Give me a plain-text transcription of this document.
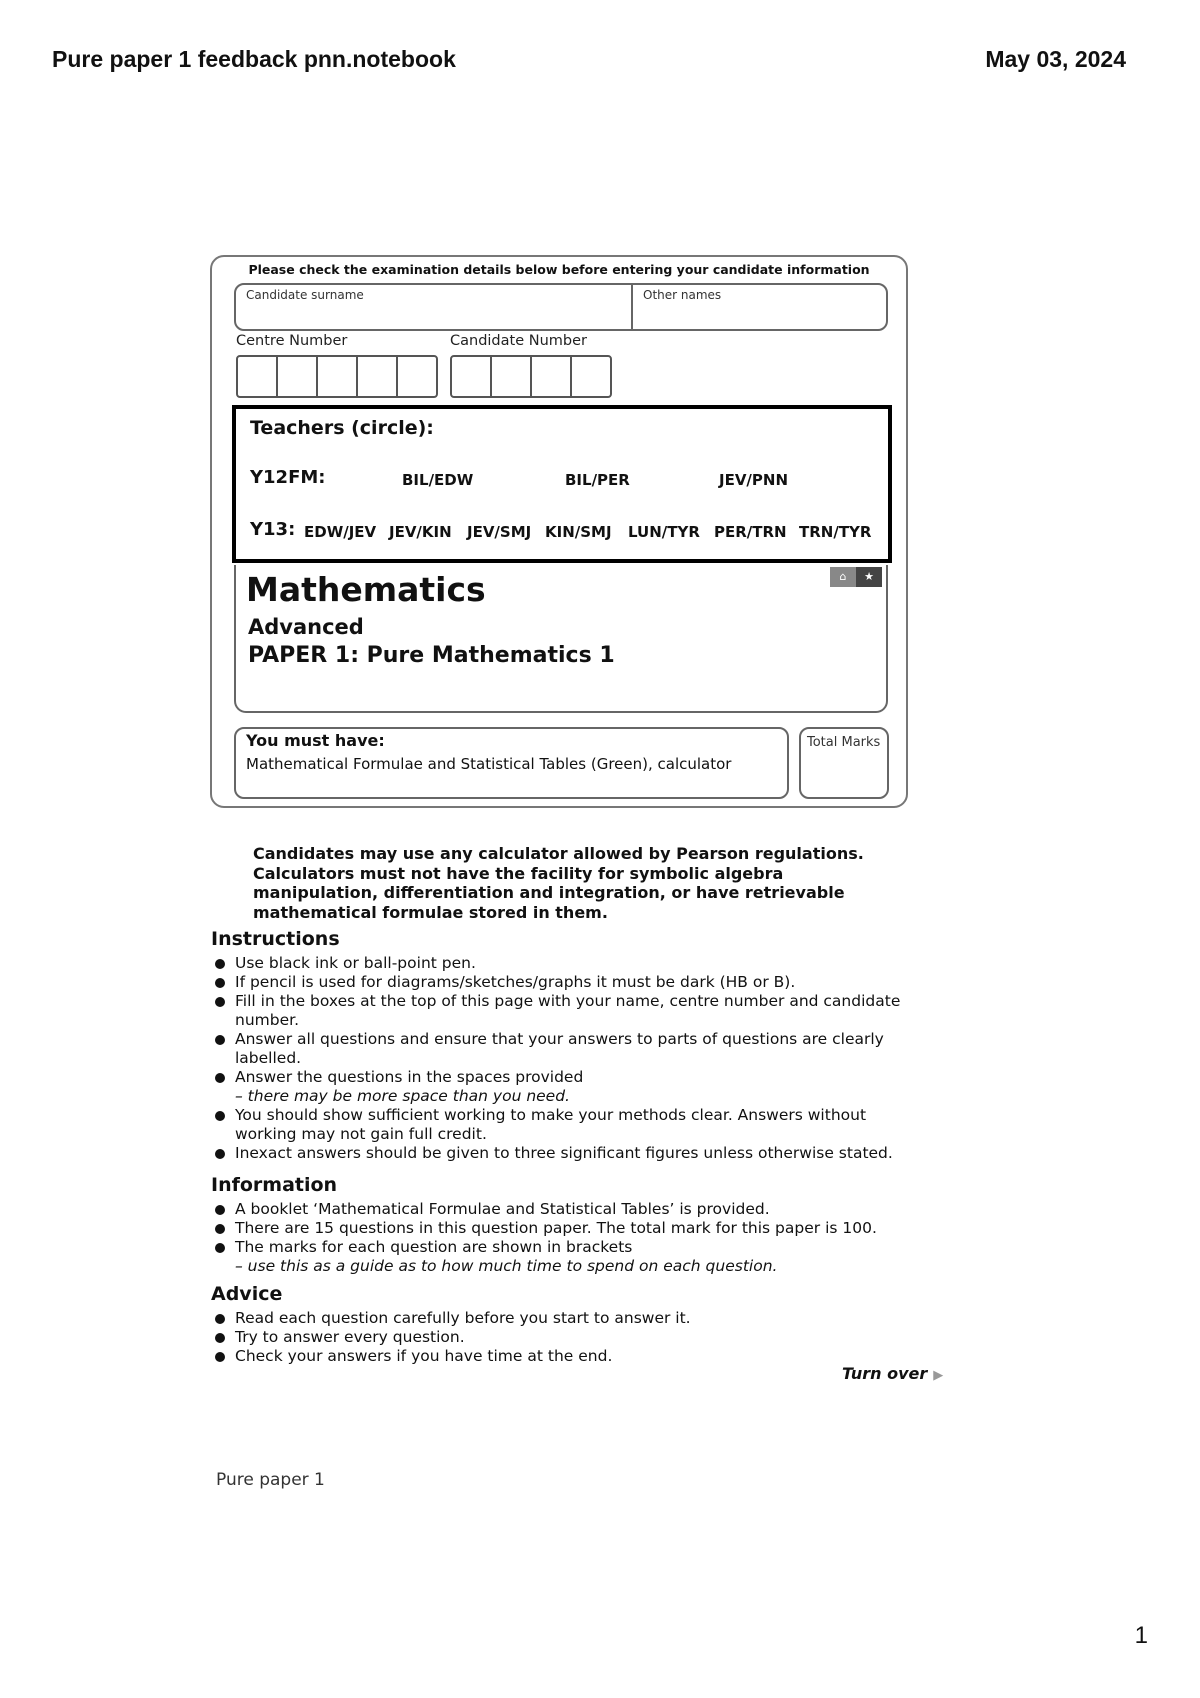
Pure paper 1 feedback pnn.notebook	May 03, 2024
Please check the examination details below before entering your candidate information
Candidate surname	Other names
Centre Number	Candidate Number
Teachers (circle):
Y12FM:	BIL/EDW	BIL/PER	JEV/PNN
Y13: EDW/JEV JEV/KIN JEV/SMJ KIN/SMJ LUN/TYR PER/TRN TRN/TYR
⌂	★
Mathematics
Advanced
PAPER 1: Pure Mathematics 1
You must have:
Mathematical Formulae and Statistical Tables (Green), calculator
Total Marks
Candidates may use any calculator allowed by Pearson regulations. Calculators must not have the facility for symbolic algebra manipulation, differentiation and integration, or have retrievable mathematical formulae stored in them.
Instructions
Use black ink or ball-point pen.
If pencil is used for diagrams/sketches/graphs it must be dark (HB or B).
Fill in the boxes at the top of this page with your name, centre number and candidate number.
Answer all questions and ensure that your answers to parts of questions are clearly labelled.
Answer the questions in the spaces provided
– there may be more space than you need.
You should show sufficient working to make your methods clear. Answers without working may not gain full credit.
Inexact answers should be given to three significant figures unless otherwise stated.
Information
A booklet ‘Mathematical Formulae and Statistical Tables’ is provided.
There are 15 questions in this question paper. The total mark for this paper is 100.
The marks for each question are shown in brackets
– use this as a guide as to how much time to spend on each question.
Advice
Read each question carefully before you start to answer it.
Try to answer every question.
Check your answers if you have time at the end.
Turn over ▶
Pure paper 1
1
